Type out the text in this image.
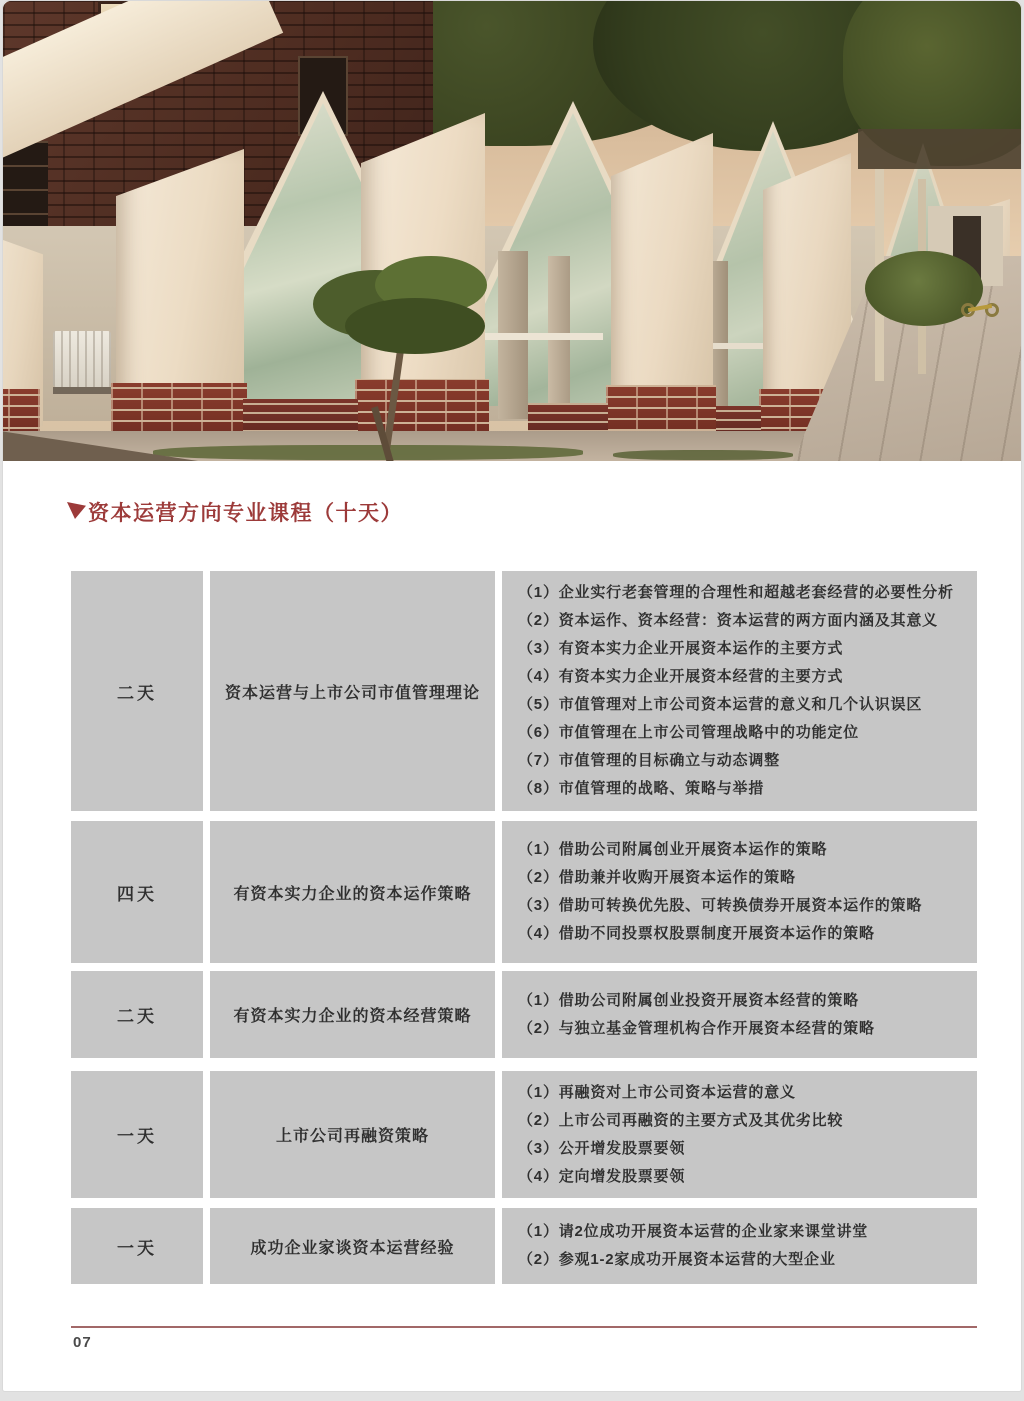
资本运营方向专业课程（十天）
二天	资本运营与上市公司市值管理理论
（1）企业实行老套管理的合理性和超越老套经营的必要性分析
（2）资本运作、资本经营：资本运营的两方面内涵及其意义
（3）有资本实力企业开展资本运作的主要方式
（4）有资本实力企业开展资本经营的主要方式
（5）市值管理对上市公司资本运营的意义和几个认识误区
（6）市值管理在上市公司管理战略中的功能定位
（7）市值管理的目标确立与动态调整
（8）市值管理的战略、策略与举措
四天	有资本实力企业的资本运作策略
（1）借助公司附属创业开展资本运作的策略
（2）借助兼并收购开展资本运作的策略
（3）借助可转换优先股、可转换债券开展资本运作的策略
（4）借助不同投票权股票制度开展资本运作的策略
二天	有资本实力企业的资本经营策略
（1）借助公司附属创业投资开展资本经营的策略
（2）与独立基金管理机构合作开展资本经营的策略
一天	上市公司再融资策略
（1）再融资对上市公司资本运营的意义
（2）上市公司再融资的主要方式及其优劣比较
（3）公开增发股票要领
（4）定向增发股票要领
一天	成功企业家谈资本运营经验
（1）请2位成功开展资本运营的企业家来课堂讲堂
（2）参观1-2家成功开展资本运营的大型企业
07
